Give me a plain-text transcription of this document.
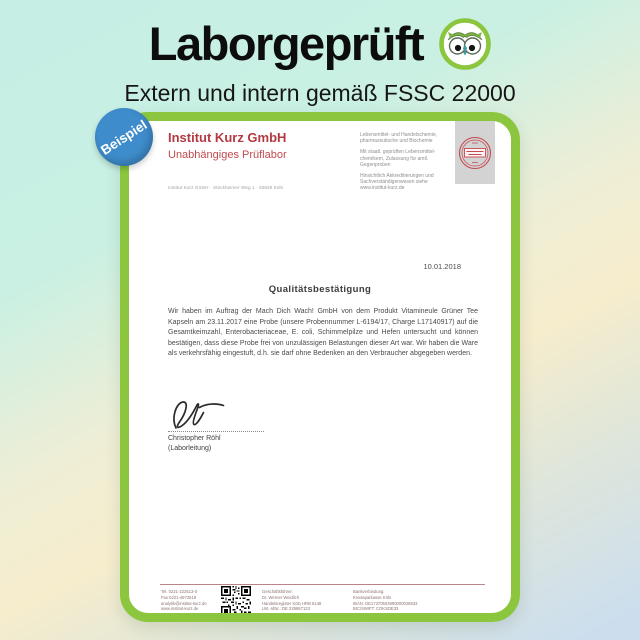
Laborgeprüft
Extern und intern gemäß FSSC 22000
Beispiel Institut Kurz GmbH
Unabhängiges Prüflabor

Lebensmittel- und Handelschemie, pharmazeutische und Biochemie

Mit staatl. geprüften Lebensmittel- chemikern, Zulassung für amtl. Gegenproben

Hinsichtlich Akkreditierungen und Sachverständigenwesen siehe www.institut-kurz.de

Institut Kurz GmbH · Stöckheimer Weg 1 · 50829 Köln
10.01.2018
Qualitätsbestätigung
Wir haben im Auftrag der Mach Dich Wach! GmbH von dem Produkt Vitamineule Grüner Tee Kapseln am 23.11.2017 eine Probe (unsere Probennummer L-6194/17, Charge L17140917) auf die Gesamtkeimzahl, Enterobacteriaceae, E. coli, Schimmelpilze und Hefen untersucht und können bestätigen, dass diese Probe frei von unzulässigen Belastungen dieser Art war. Wir haben die Ware als verkehrsfähig eingestuft, d.h. sie darf ohne Bedenken an den Verbraucher abgegeben werden.
Christopher Röhl
(Laborleitung)
Tel. 0221-222513-0
Fax 0221-4972518
analytik@institut-kurz.de
www.institut-kurz.de
Geschäftsführer:
Dr. Werner Weidlich
Handelsregister Köln HRB 5148
Ust.-IdNr.: DE 229887123
Bankverbindung:
Kreissparkasse Köln
IBAN: DE17370502990000028833
BIC/SWIFT: COKSDE33
